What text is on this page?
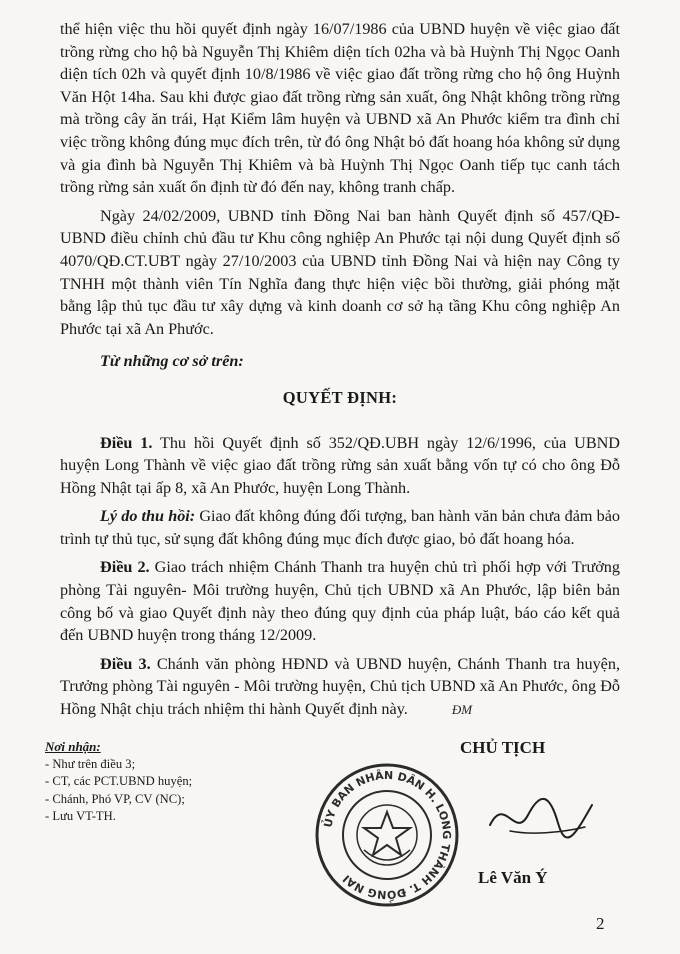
thể hiện việc thu hồi quyết định ngày 16/07/1986 của UBND huyện về việc giao đất trồng rừng cho hộ bà Nguyễn Thị Khiêm diện tích 02ha và bà Huỳnh Thị Ngọc Oanh diện tích 02h và quyết định 10/8/1986 về việc giao đất trồng rừng cho hộ ông Huỳnh Văn Hột 14ha. Sau khi được giao đất trồng rừng sản xuất, ông Nhật không trồng rừng mà trồng cây ăn trái, Hạt Kiểm lâm huyện và UBND xã An Phước kiểm tra đình chỉ việc trồng không đúng mục đích trên, từ đó ông Nhật bỏ đất hoang hóa không sử dụng và gia đình bà Nguyễn Thị Khiêm và bà Huỳnh Thị Ngọc Oanh tiếp tục canh tách trồng rừng sản xuất ổn định từ đó đến nay, không tranh chấp.

Ngày 24/02/2009, UBND tỉnh Đồng Nai ban hành Quyết định số 457/QĐ-UBND điều chỉnh chủ đầu tư Khu công nghiệp An Phước tại nội dung Quyết định số 4070/QĐ.CT.UBT ngày 27/10/2003 của UBND tỉnh Đồng Nai và hiện nay Công ty TNHH một thành viên Tín Nghĩa đang thực hiện việc bồi thường, giải phóng mặt bằng lập thủ tục đầu tư xây dựng và kinh doanh cơ sở hạ tầng Khu công nghiệp An Phước tại xã An Phước.

Từ những cơ sở trên:

QUYẾT ĐỊNH:

Điều 1. Thu hồi Quyết định số 352/QĐ.UBH ngày 12/6/1996, của UBND huyện Long Thành về việc giao đất trồng rừng sản xuất bằng vốn tự có cho ông Đỗ Hồng Nhật tại ấp 8, xã An Phước, huyện Long Thành.

Lý do thu hồi: Giao đất không đúng đối tượng, ban hành văn bản chưa đảm bảo trình tự thủ tục, sử sụng đất không đúng mục đích được giao, bỏ đất hoang hóa.

Điều 2. Giao trách nhiệm Chánh Thanh tra huyện chủ trì phối hợp với Trưởng phòng Tài nguyên- Môi trường huyện, Chủ tịch UBND xã An Phước, lập biên bản công bố và giao Quyết định này theo đúng quy định của pháp luật, báo cáo kết quả đến UBND huyện trong tháng 12/2009.

Điều 3. Chánh văn phòng HĐND và UBND huyện, Chánh Thanh tra huyện, Trưởng phòng Tài nguyên - Môi trường huyện, Chủ tịch UBND xã An Phước, ông Đỗ Hồng Nhật chịu trách nhiệm thi hành Quyết định này.	ĐM

Nơi nhận:
- Như trên điều 3;
- CT, các PCT.UBND huyện;
- Chánh, Phó VP, CV (NC);
- Lưu VT-TH.
CHỦ TỊCH
ỦY BAN NHÂN DÂN H. LONG THÀNH T. ĐỒNG NAI	Lê Văn Ý
2
